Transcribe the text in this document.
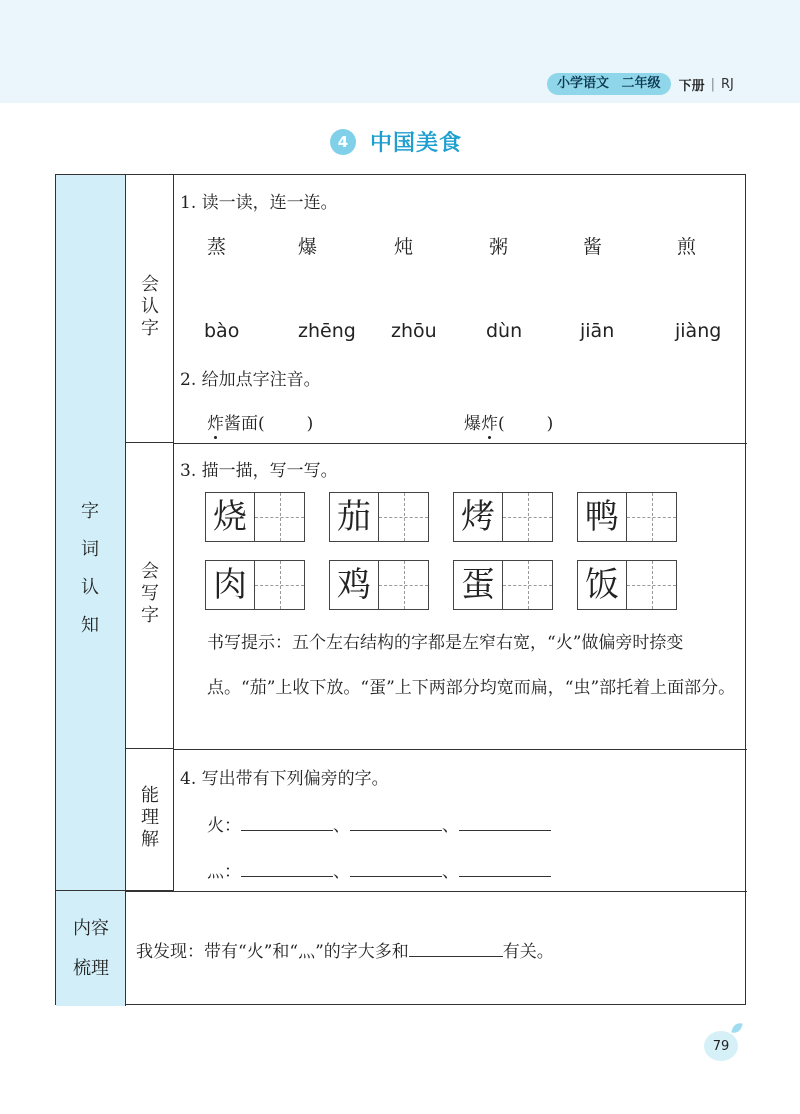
小学语文 二年级	下册 | RJ
4 中国美食
字词认知
内容梳理
会认字
会写字
能理解
1. 读一读，连一连。
蒸	爆	炖	粥	酱	煎
bào	zhēng zhōu	dùn	jiān	jiàng
2. 给加点字注音。
炸酱面( )	爆炸( )
3. 描一描，写一写。
烧	茄	烤	鸭
肉	鸡	蛋	饭
书写提示：五个左右结构的字都是左窄右宽，“火”做偏旁时捺变点。“茄”上收下放。“蛋”上下两部分均宽而扁，“虫”部托着上面部分。
4. 写出带有下列偏旁的字。
火：	、	、
灬：	、	、
我发现：带有“火”和“灬”的字大多和	有关。
79
